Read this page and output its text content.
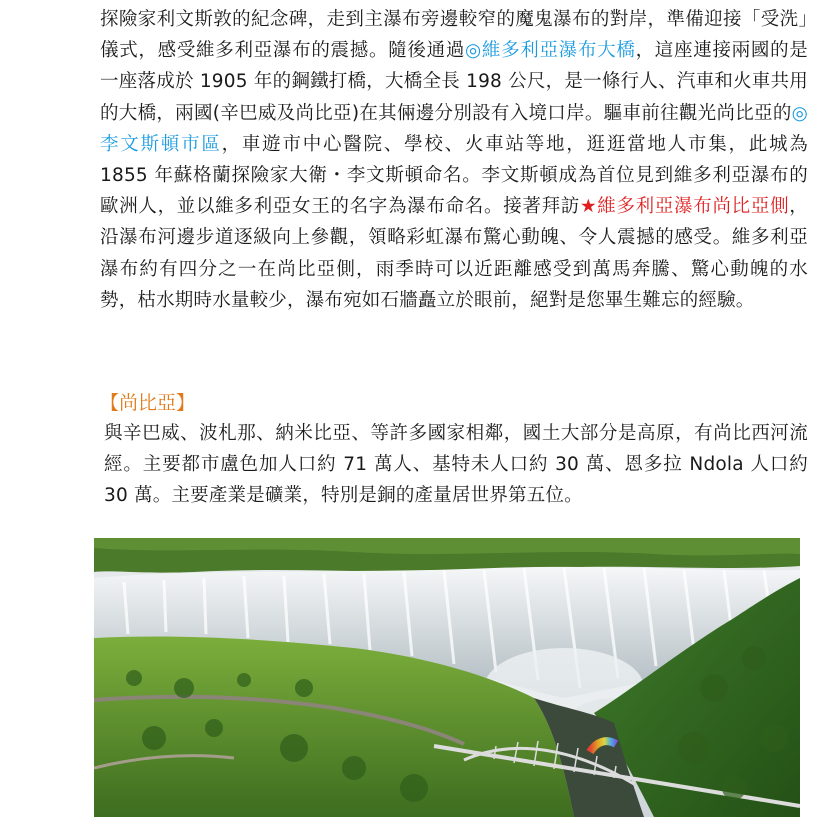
探險家利文斯敦的紀念碑，走到主瀑布旁邊較窄的魔鬼瀑布的對岸，準備迎接「受洗」儀式，感受維多利亞瀑布的震撼。隨後通過◎維多利亞瀑布大橋，這座連接兩國的是一座落成於 1905 年的鋼鐵打橋，大橋全長 198 公尺，是一條行人、汽車和火車共用的大橋，兩國(辛巴威及尚比亞)在其倆邊分別設有入境口岸。驅車前往觀光尚比亞的◎李文斯頓市區，車遊市中心醫院、學校、火車站等地，逛逛當地人市集，此城為 1855 年蘇格蘭探險家大衛・李文斯頓命名。李文斯頓成為首位見到維多利亞瀑布的歐洲人，並以維多利亞女王的名字為瀑布命名。接著拜訪★維多利亞瀑布尚比亞側，沿瀑布河邊步道逐級向上參觀，領略彩虹瀑布驚心動魄、令人震撼的感受。維多利亞瀑布約有四分之一在尚比亞側，雨季時可以近距離感受到萬馬奔騰、驚心動魄的水勢，枯水期時水量較少，瀑布宛如石牆矗立於眼前，絕對是您畢生難忘的經驗。

【尚比亞】

與辛巴威、波札那、納米比亞、等許多國家相鄰，國土大部分是高原，有尚比西河流經。主要都市盧色加人口約 71 萬人、基特未人口約 30 萬、恩多拉 Ndola 人口約 30 萬。主要產業是礦業，特別是銅的產量居世界第五位。
